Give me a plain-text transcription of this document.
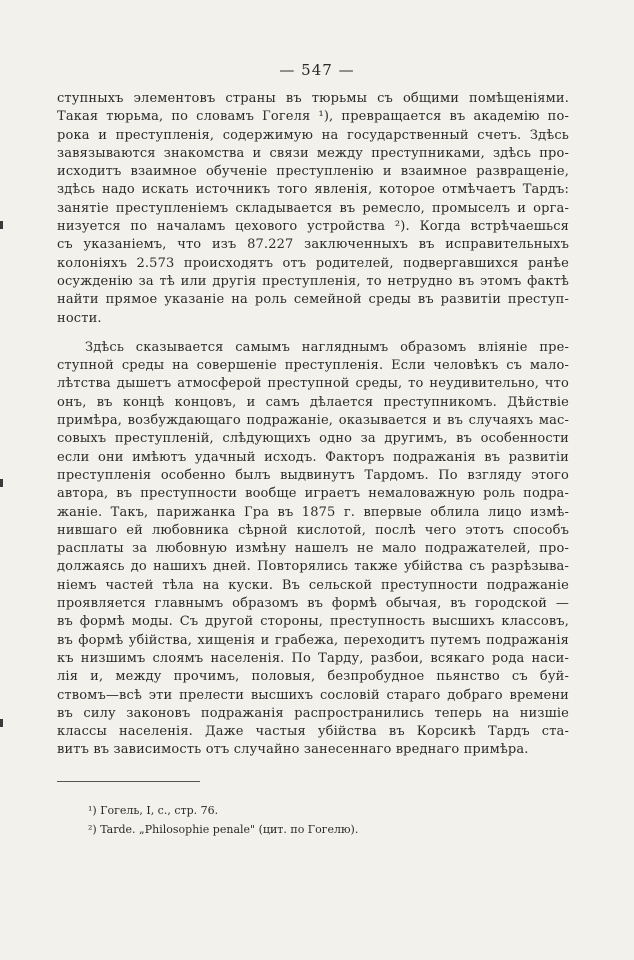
— 547 —
ступныхъ элементовъ страны въ тюрьмы съ общими помѣщеніями.
Такая тюрьма, по словамъ Гогеля ¹), превращается въ академію по-
рока и преступленія, содержимую на государственный счетъ. Здѣсь
завязываются знакомства и связи между преступниками, здѣсь про-
исходитъ взаимное обученіе преступленію и взаимное развращеніе,
здѣсь надо искать источникъ того явленія, которое отмѣчаетъ Тардъ:
занятіе преступленіемъ складывается въ ремесло, промыселъ и орга-
низуется по началамъ цехового устройства ²). Когда встрѣчаешься
съ указаніемъ, что изъ 87.227 заключенныхъ въ исправительныхъ
колоніяхъ 2.573 происходятъ отъ родителей, подвергавшихся ранѣе
осужденію за тѣ или другія преступленія, то нетрудно въ этомъ фактѣ
найти прямое указаніе на роль семейной среды въ развитіи преступ-
ности.
Здѣсь сказывается самымъ нагляднымъ образомъ вліяніе пре-
ступной среды на совершеніе преступленія. Если человѣкъ съ мало-
лѣтства дышетъ атмосферой преступной среды, то неудивительно, что
онъ, въ концѣ концовъ, и самъ дѣлается преступникомъ. Дѣйствіе
примѣра, возбуждающаго подражаніе, оказывается и въ случаяхъ мас-
совыхъ преступленій, слѣдующихъ одно за другимъ, въ особенности
если они имѣютъ удачный исходъ. Факторъ подражанія въ развитіи
преступленія особенно былъ выдвинутъ Тардомъ. По взгляду этого
автора, въ преступности вообще играетъ немаловажную роль подра-
жаніе. Такъ, парижанка Гра въ 1875 г. впервые облила лицо измѣ-
нившаго ей любовника сѣрной кислотой, послѣ чего этотъ способъ
расплаты за любовную измѣну нашелъ не мало подражателей, про-
должаясь до нашихъ дней. Повторялись также убійства съ разрѣзыва-
ніемъ частей тѣла на куски. Въ сельской преступности подражаніе
проявляется главнымъ образомъ въ формѣ обычая, въ городской —
въ формѣ моды. Съ другой стороны, преступность высшихъ классовъ,
въ формѣ убійства, хищенія и грабежа, переходитъ путемъ подражанія
къ низшимъ слоямъ населенія. По Тарду, разбои, всякаго рода наси-
лія и, между прочимъ, половыя, безпробудное пьянство съ буй-
ствомъ—всѣ эти прелести высшихъ сословій стараго добраго времени
въ силу законовъ подражанія распространились теперь на низшіе
классы населенія. Даже частыя убійства въ Корсикѣ Тардъ ста-
витъ въ зависимость отъ случайно занесеннаго вреднаго примѣра.
¹) Гогель, I, с., стр. 76.
²) Tarde. „Philosophie penale" (цит. по Гогелю).
